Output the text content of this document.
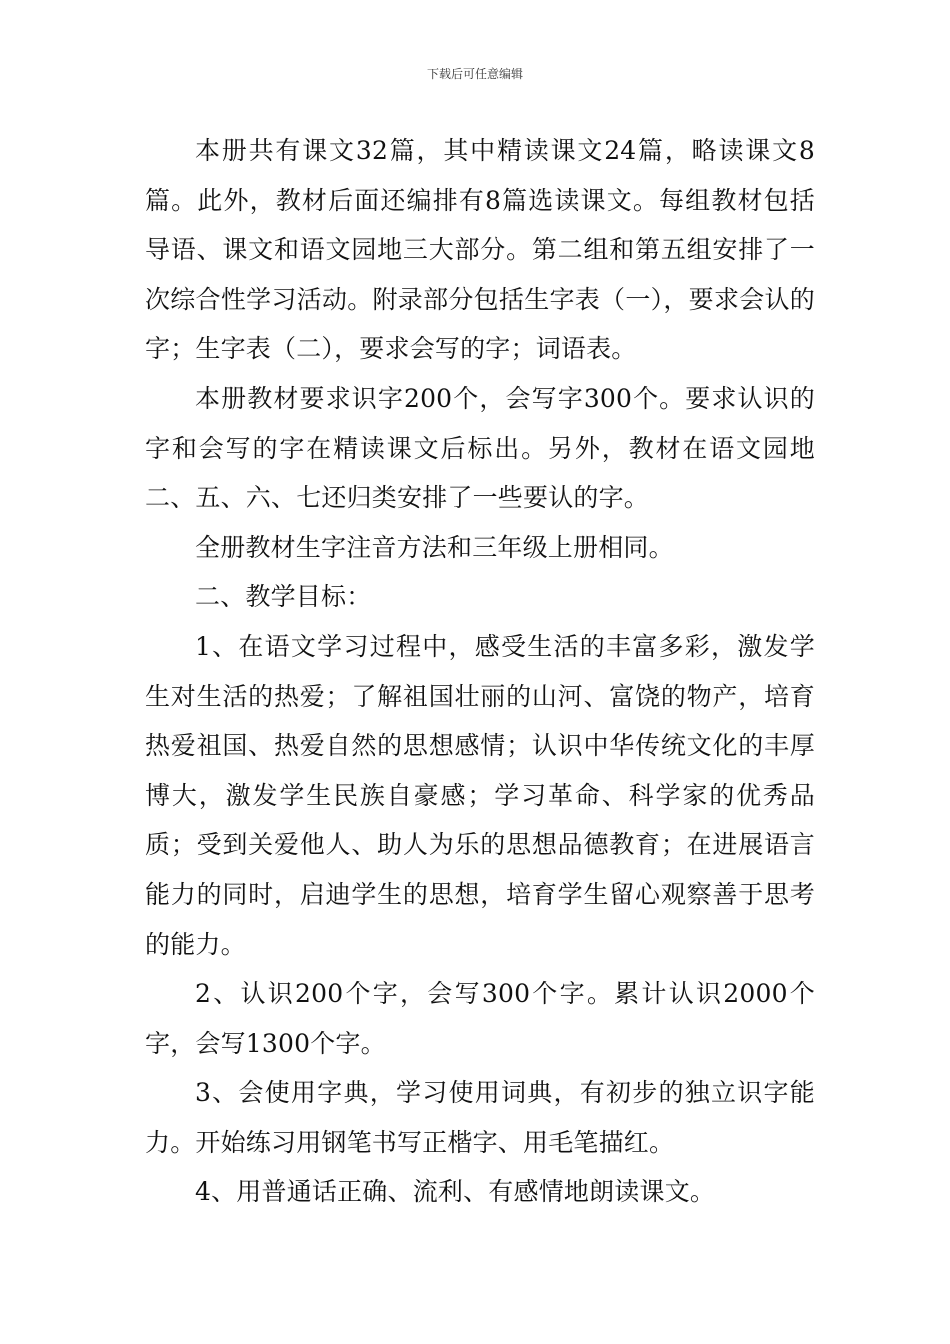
下载后可任意编辑

本册共有课文32篇，其中精读课文24篇，略读课文8篇。此外，教材后面还编排有8篇选读课文。每组教材包括导语、课文和语文园地三大部分。第二组和第五组安排了一次综合性学习活动。附录部分包括生字表（一），要求会认的字；生字表（二），要求会写的字；词语表。

本册教材要求识字200个，会写字300个。要求认识的字和会写的字在精读课文后标出。另外，教材在语文园地二、五、六、七还归类安排了一些要认的字。

全册教材生字注音方法和三年级上册相同。

二、教学目标：

1、在语文学习过程中，感受生活的丰富多彩，激发学生对生活的热爱；了解祖国壮丽的山河、富饶的物产，培育热爱祖国、热爱自然的思想感情；认识中华传统文化的丰厚博大，激发学生民族自豪感；学习革命、科学家的优秀品质；受到关爱他人、助人为乐的思想品德教育；在进展语言能力的同时，启迪学生的思想，培育学生留心观察善于思考的能力。

2、认识200个字，会写300个字。累计认识2000个字，会写1300个字。

3、会使用字典，学习使用词典，有初步的独立识字能力。开始练习用钢笔书写正楷字、用毛笔描红。

4、用普通话正确、流利、有感情地朗读课文。
